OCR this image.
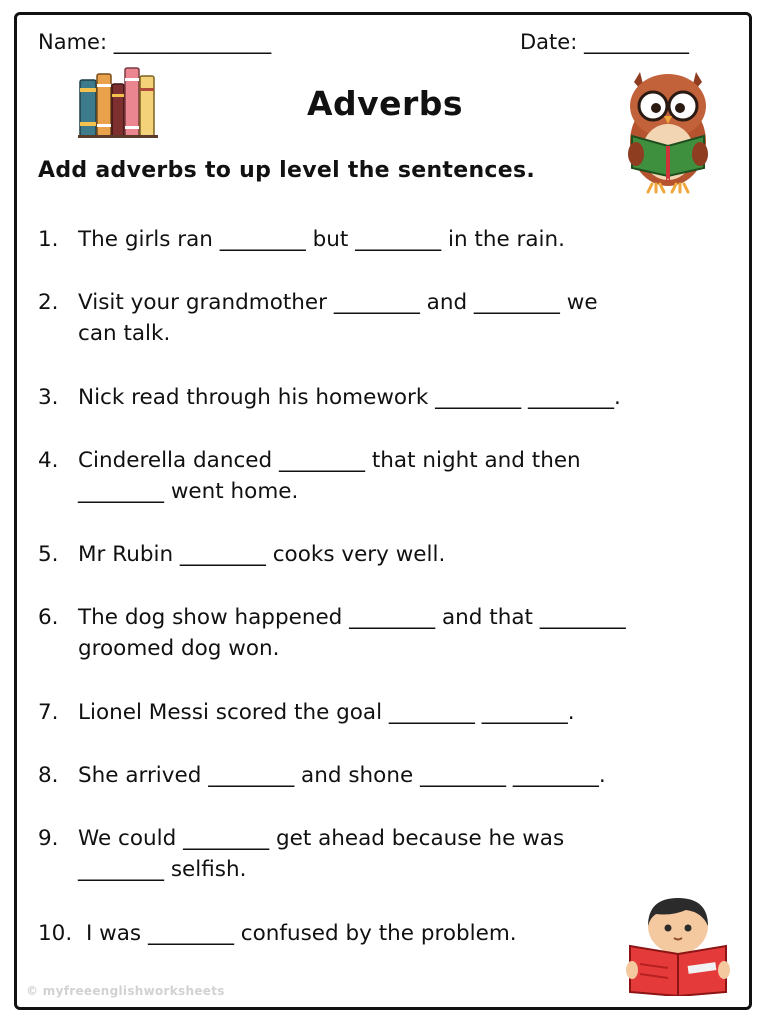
Name: _______________	Date: __________
Adverbs
Add adverbs to up level the sentences.
1. The girls ran ________ but ________ in the rain.
2. Visit your grandmother ________ and ________ we
can talk.
3. Nick read through his homework ________ ________.
4. Cinderella danced ________ that night and then
________ went home.
5. Mr Rubin ________ cooks very well.
6. The dog show happened ________ and that ________
groomed dog won.
7. Lionel Messi scored the goal ________ ________.
8. She arrived ________ and shone ________ ________.
9. We could ________ get ahead because he was
________ selfish.
10. I was ________ confused by the problem.
© myfreeenglishworksheets
